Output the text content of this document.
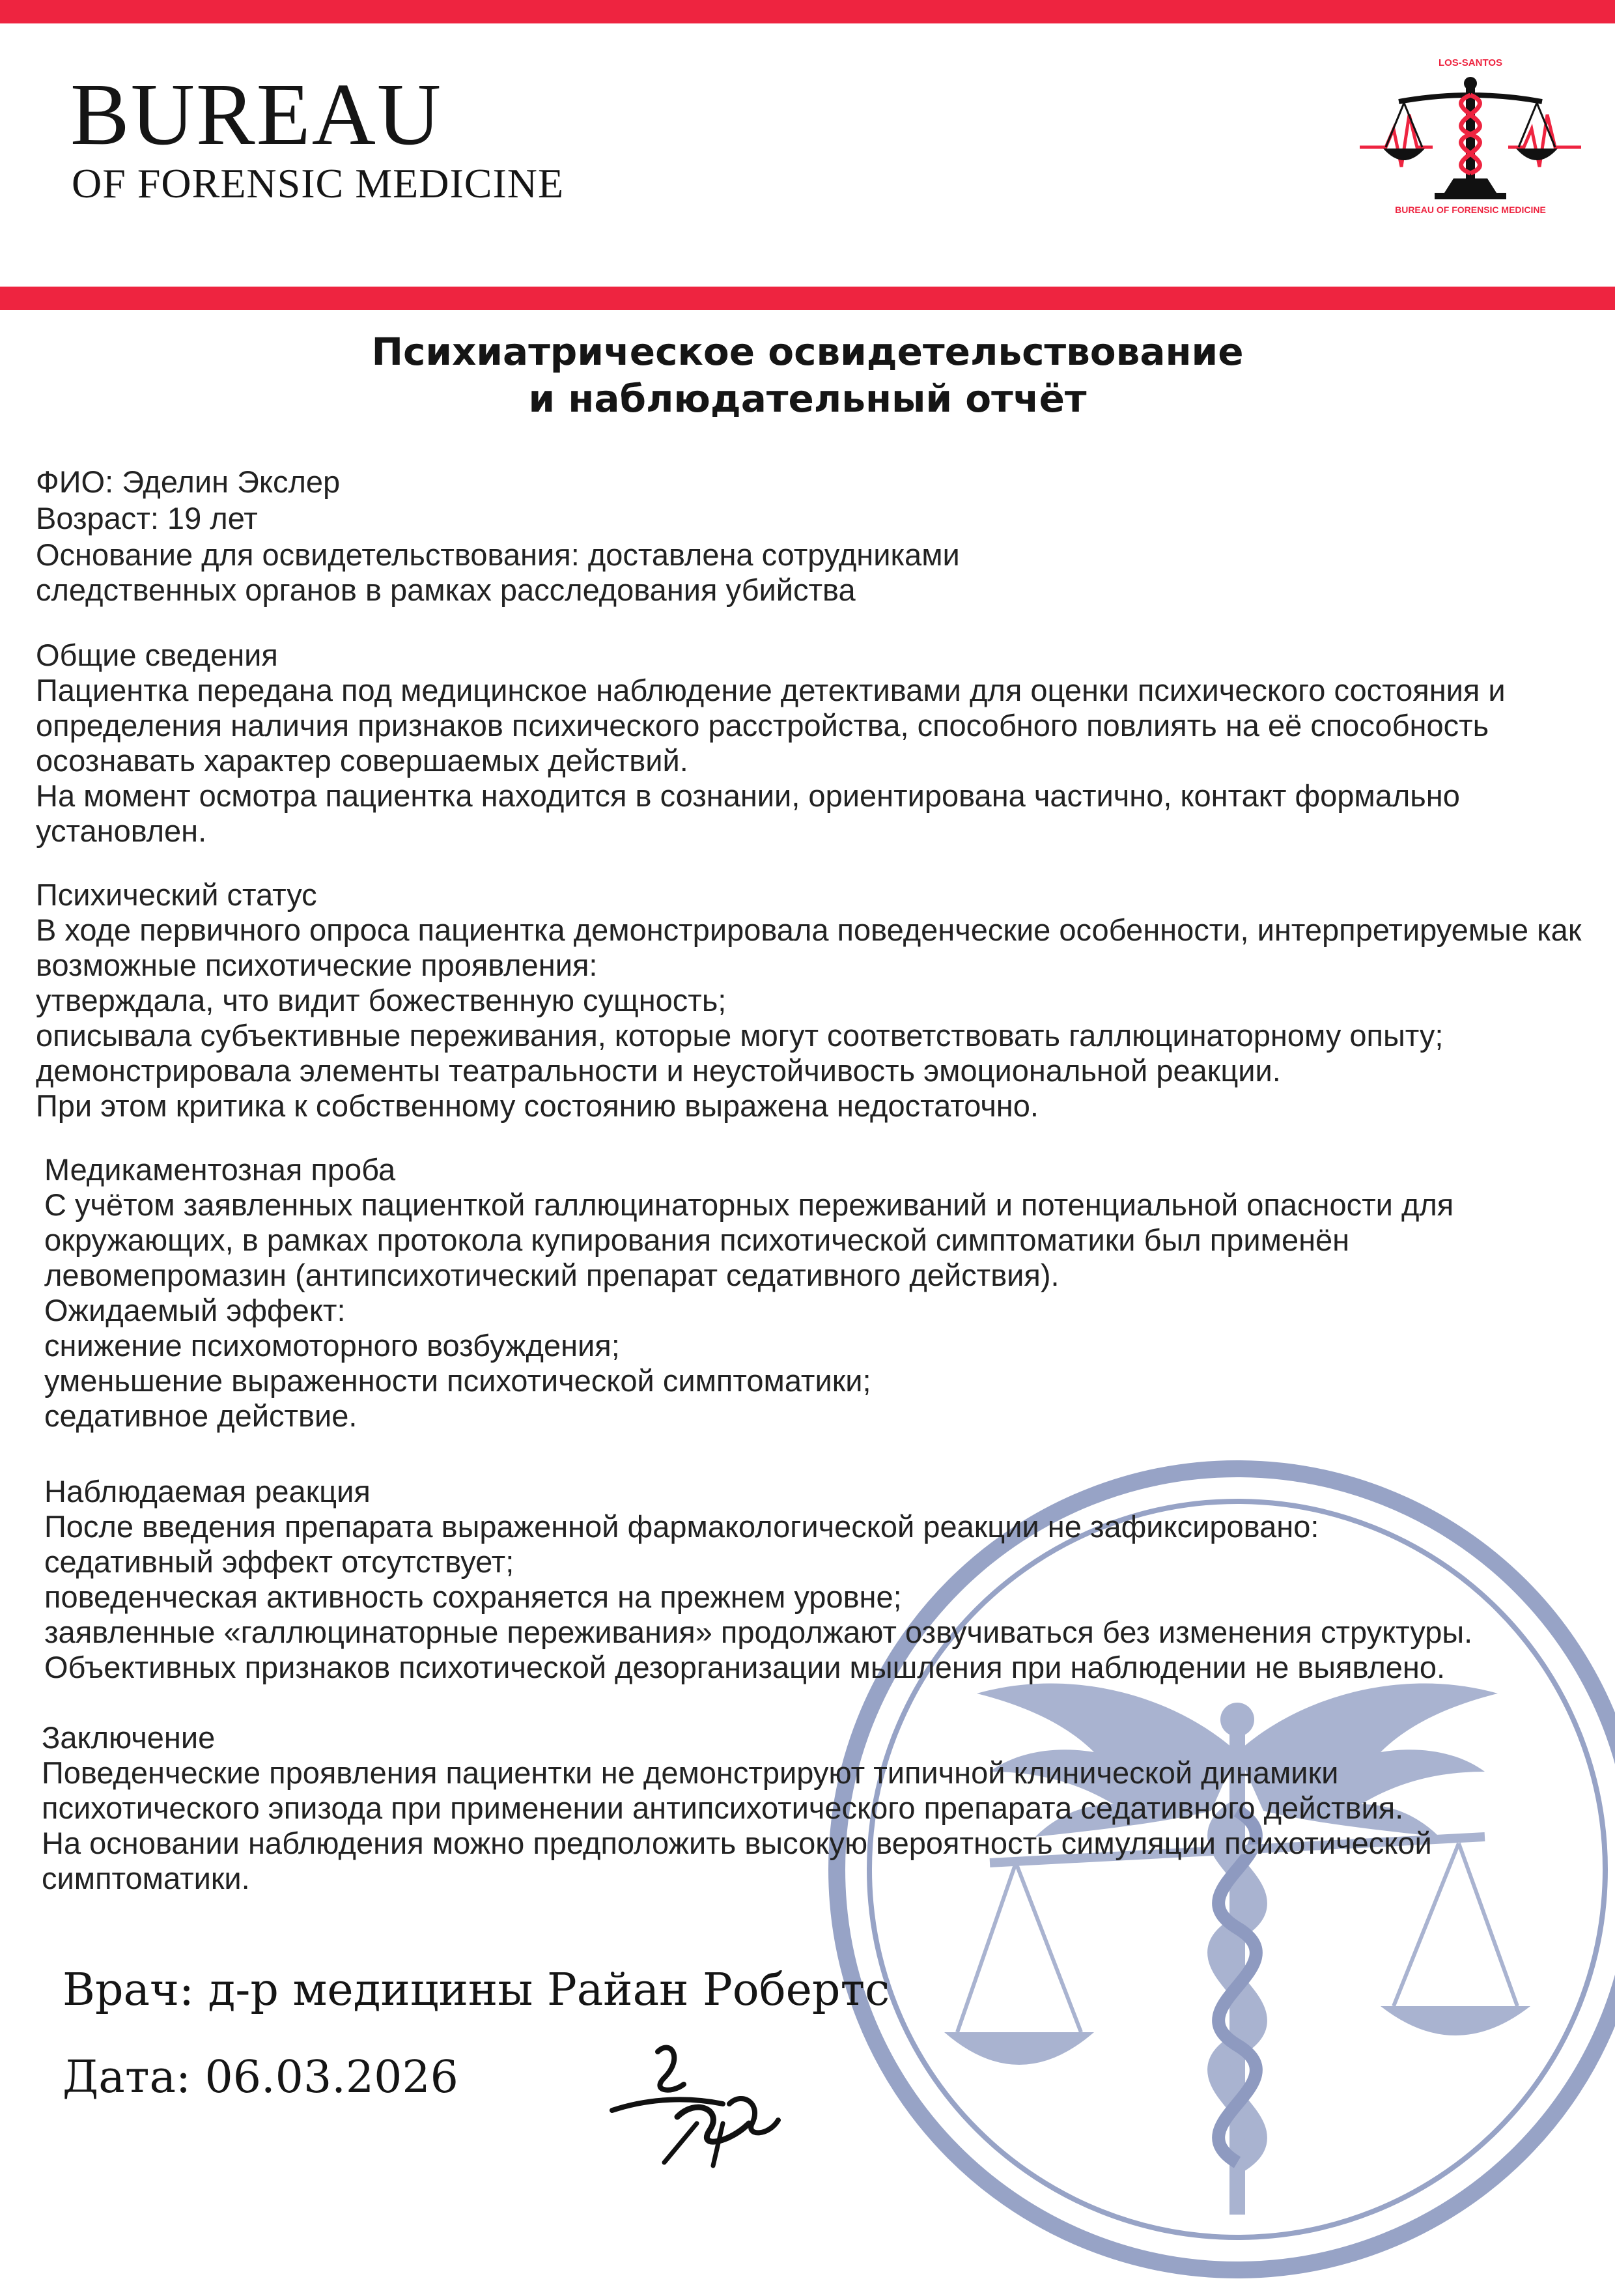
BUREAU
OF FORENSIC MEDICINE
LOS-SANTOS
BUREAU OF FORENSIC MEDICINE
Психиатрическое освидетельствование
и наблюдательный отчёт
ФИО: Эделин Экслер
Возраст: 19 лет
Основание для освидетельствования: доставлена сотрудниками
следственных органов в рамках расследования убийства
Общие сведения
Пациентка передана под медицинское наблюдение детективами для оценки психического состояния и
определения наличия признаков психического расстройства, способного повлиять на её способность
осознавать характер совершаемых действий.
На момент осмотра пациентка находится в сознании, ориентирована частично, контакт формально
установлен.
Психический статус
В ходе первичного опроса пациентка демонстрировала поведенческие особенности, интерпретируемые как
возможные психотические проявления:
утверждала, что видит божественную сущность;
описывала субъективные переживания, которые могут соответствовать галлюцинаторному опыту;
демонстрировала элементы театральности и неустойчивость эмоциональной реакции.
При этом критика к собственному состоянию выражена недостаточно.
Медикаментозная проба
С учётом заявленных пациенткой галлюцинаторных переживаний и потенциальной опасности для
окружающих, в рамках протокола купирования психотической симптоматики был применён
левомепромазин (антипсихотический препарат седативного действия).
Ожидаемый эффект:
снижение психомоторного возбуждения;
уменьшение выраженности психотической симптоматики;
седативное действие.
Наблюдаемая реакция
После введения препарата выраженной фармакологической реакции не зафиксировано:
седативный эффект отсутствует;
поведенческая активность сохраняется на прежнем уровне;
заявленные «галлюцинаторные переживания» продолжают озвучиваться без изменения структуры.
Объективных признаков психотической дезорганизации мышления при наблюдении не выявлено.
Заключение
Поведенческие проявления пациентки не демонстрируют типичной клинической динамики
психотического эпизода при применении антипсихотического препарата седативного действия.
На основании наблюдения можно предположить высокую вероятность симуляции психотической
симптоматики.
Врач: д-р медицины Райан Робертс
Дата: 06.03.2026
